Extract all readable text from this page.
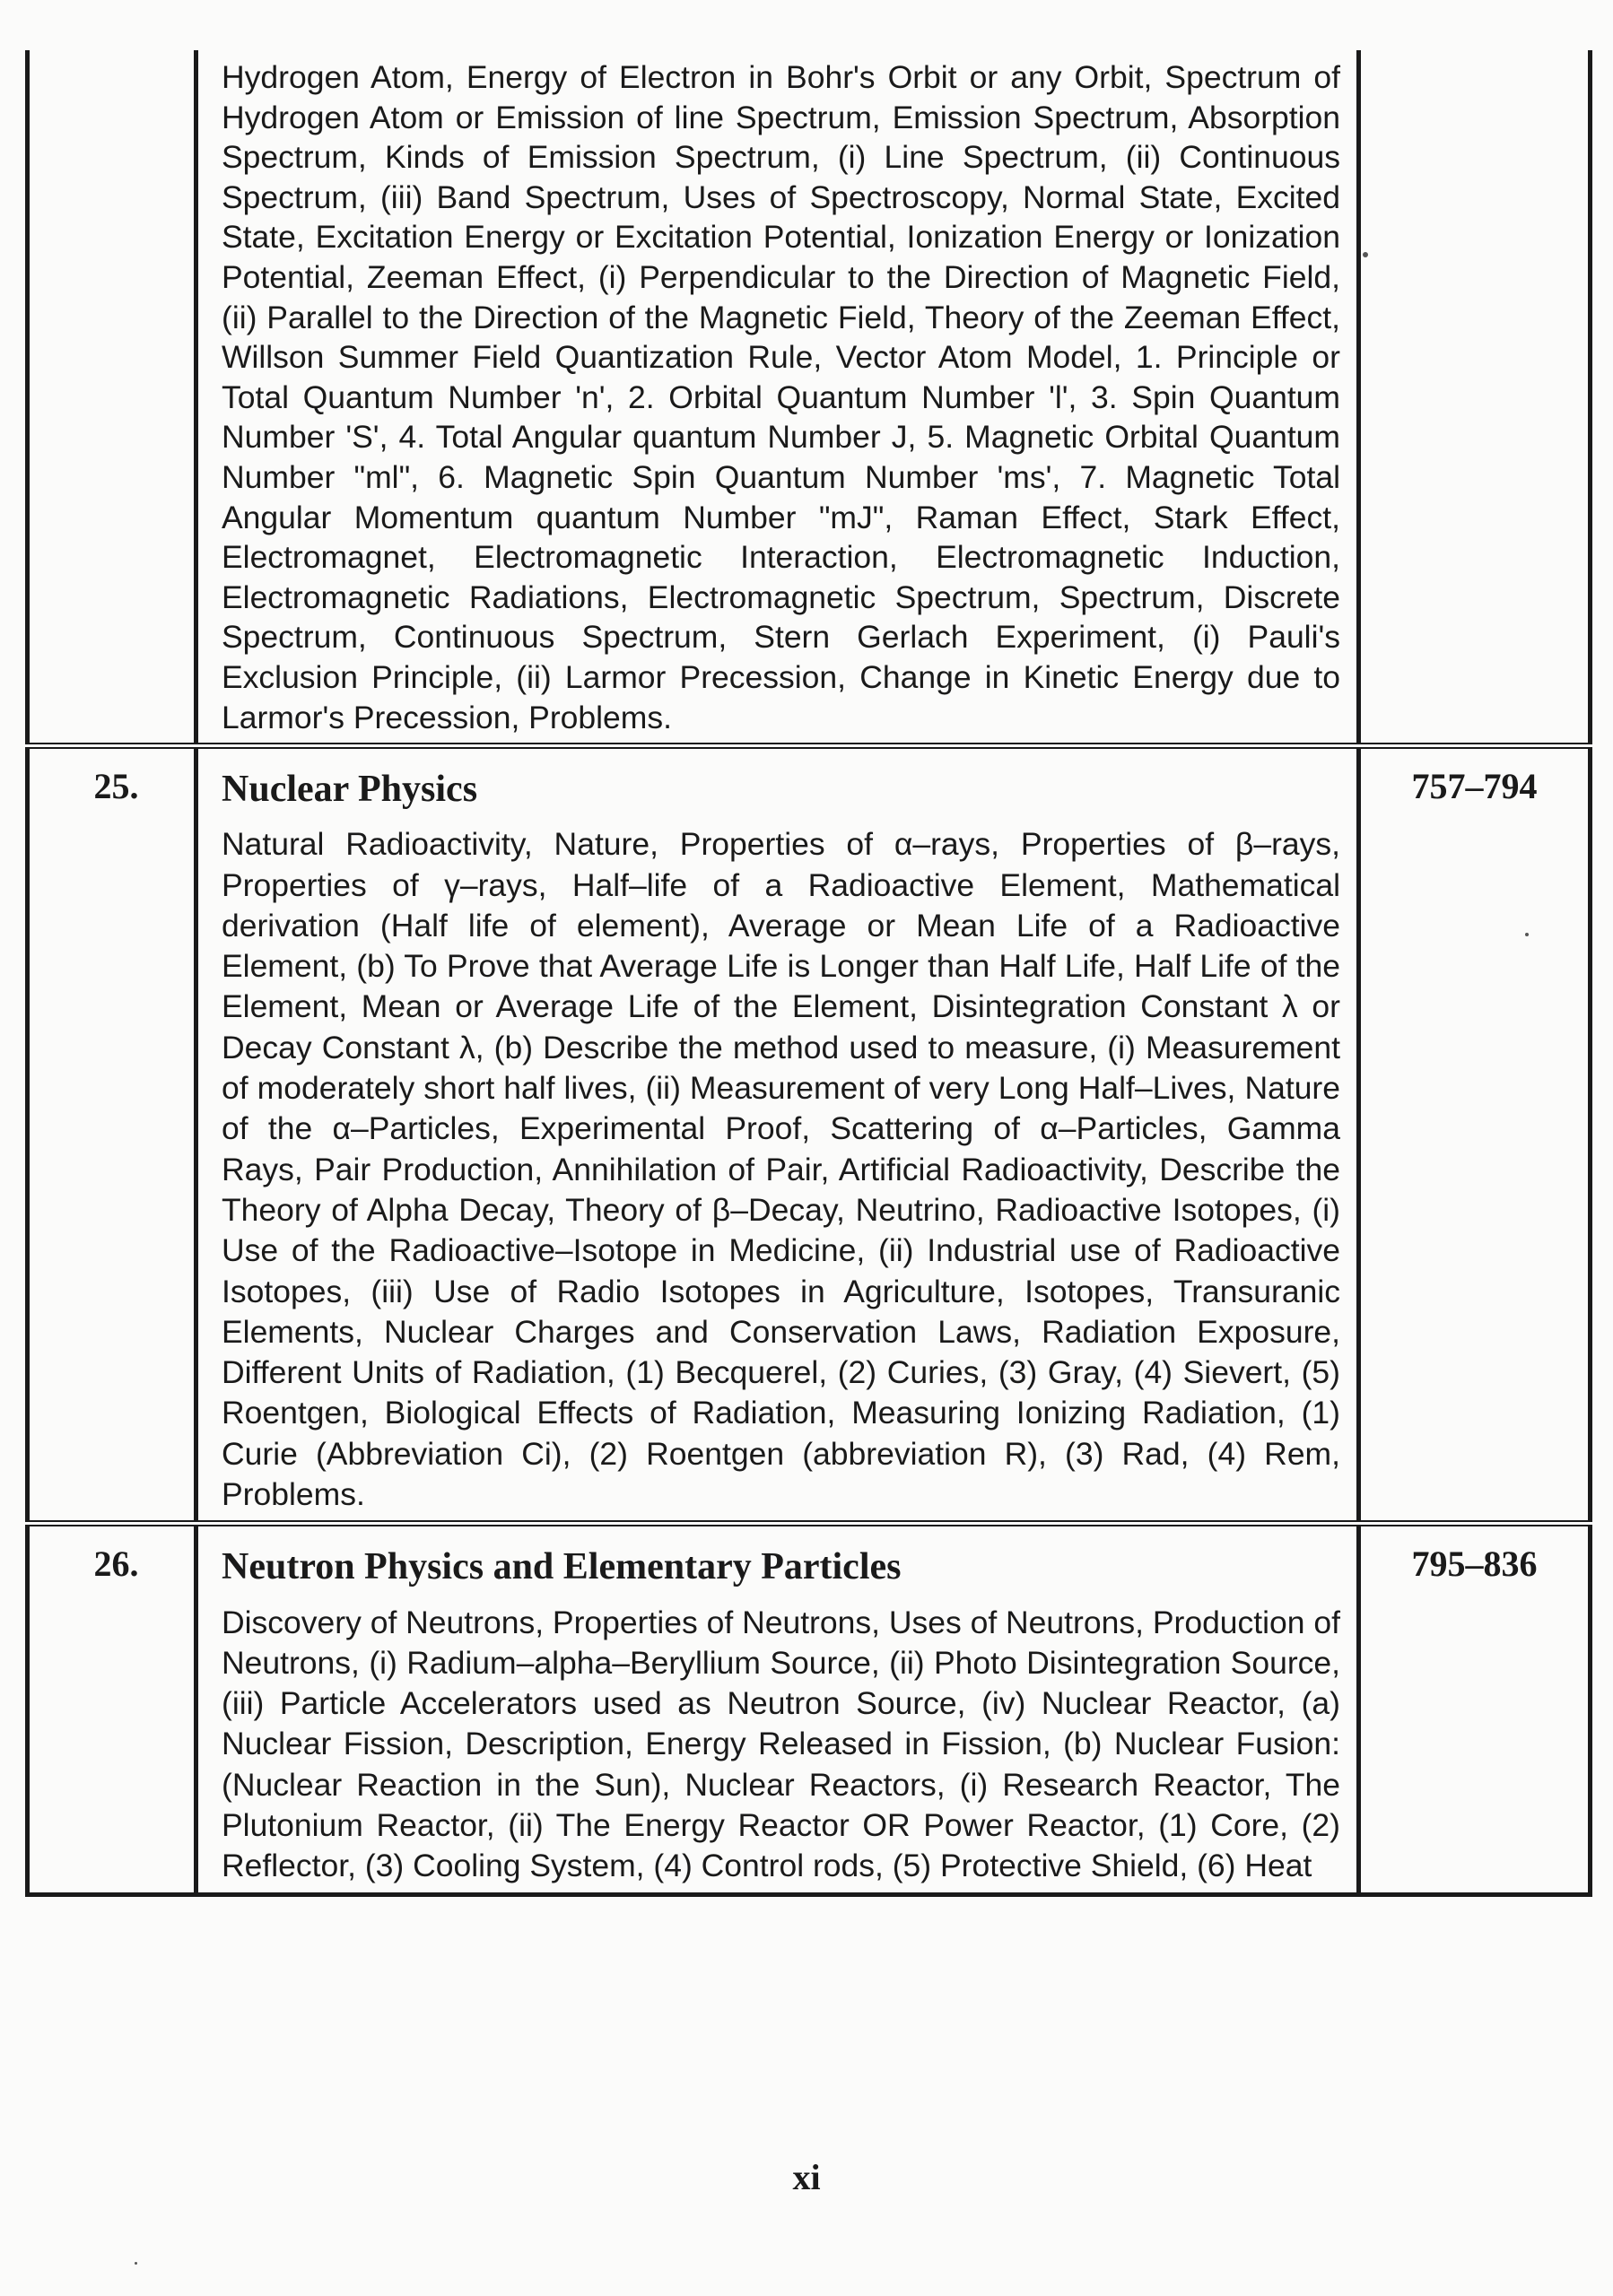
	Hydrogen Atom, Energy of Electron in Bohr's Orbit or any Orbit, Spectrum of Hydrogen Atom or Emission of line Spectrum, Emission Spectrum, Absorption Spectrum, Kinds of Emission Spectrum, (i) Line Spectrum, (ii) Continuous Spectrum, (iii) Band Spectrum, Uses of Spectroscopy, Normal State, Excited State, Excitation Energy or Excitation Potential, Ionization Energy or Ionization Potential, Zeeman Effect, (i) Perpendicular to the Direction of Magnetic Field, (ii) Parallel to the Direction of the Magnetic Field, Theory of the Zeeman Effect, Willson Summer Field Quantization Rule, Vector Atom Model, 1. Principle or Total Quantum Number 'n', 2. Orbital Quantum Number 'l', 3. Spin Quantum Number 'S', 4. Total Angular quantum Number J, 5. Magnetic Orbital Quantum Number "ml", 6. Magnetic Spin Quantum Number 'ms', 7. Magnetic Total Angular Momentum quantum Number "mJ", Raman Effect, Stark Effect, Electromagnet, Electromagnetic Interaction, Electromagnetic Induction, Electromagnetic Radiations, Electromagnetic Spectrum, Spectrum, Discrete Spectrum, Continuous Spectrum, Stern Gerlach Experiment, (i) Pauli's Exclusion Principle, (ii) Larmor Precession, Change in Kinetic Energy due to Larmor's Precession, Problems.	

25.	Nuclear Physics

Natural Radioactivity, Nature, Properties of α–rays, Properties of β–rays, Properties of γ–rays, Half–life of a Radioactive Element, Mathematical derivation (Half life of element), Average or Mean Life of a Radioactive Element, (b) To Prove that Average Life is Longer than Half Life, Half Life of the Element, Mean or Average Life of the Element, Disintegration Constant λ or Decay Constant λ, (b) Describe the method used to measure, (i) Measurement of moderately short half lives, (ii) Measurement of very Long Half–Lives, Nature of the α–Particles, Experimental Proof, Scattering of α–Particles, Gamma Rays, Pair Production, Annihilation of Pair, Artificial Radioactivity, Describe the Theory of Alpha Decay, Theory of β–Decay, Neutrino, Radioactive Isotopes, (i) Use of the Radioactive–Isotope in Medicine, (ii) Industrial use of Radioactive Isotopes, (iii) Use of Radio Isotopes in Agriculture, Isotopes, Transuranic Elements, Nuclear Charges and Conservation Laws, Radiation Exposure, Different Units of Radiation, (1) Becquerel, (2) Curies, (3) Gray, (4) Sievert, (5) Roentgen, Biological Effects of Radiation, Measuring Ionizing Radiation, (1) Curie (Abbreviation Ci), (2) Roentgen (abbreviation R), (3) Rad, (4) Rem, Problems.	757–794

26.	Neutron Physics and Elementary Particles

Discovery of Neutrons, Properties of Neutrons, Uses of Neutrons, Production of Neutrons, (i) Radium–alpha–Beryllium Source, (ii) Photo Disintegration Source, (iii) Particle Accelerators used as Neutron Source, (iv) Nuclear Reactor, (a) Nuclear Fission, Description, Energy Released in Fission, (b) Nuclear Fusion: (Nuclear Reaction in the Sun), Nuclear Reactors, (i) Research Reactor, The Plutonium Reactor, (ii) The Energy Reactor OR Power Reactor, (1) Core, (2) Reflector, (3) Cooling System, (4) Control rods, (5) Protective Shield, (6) Heat	795–836
xi
